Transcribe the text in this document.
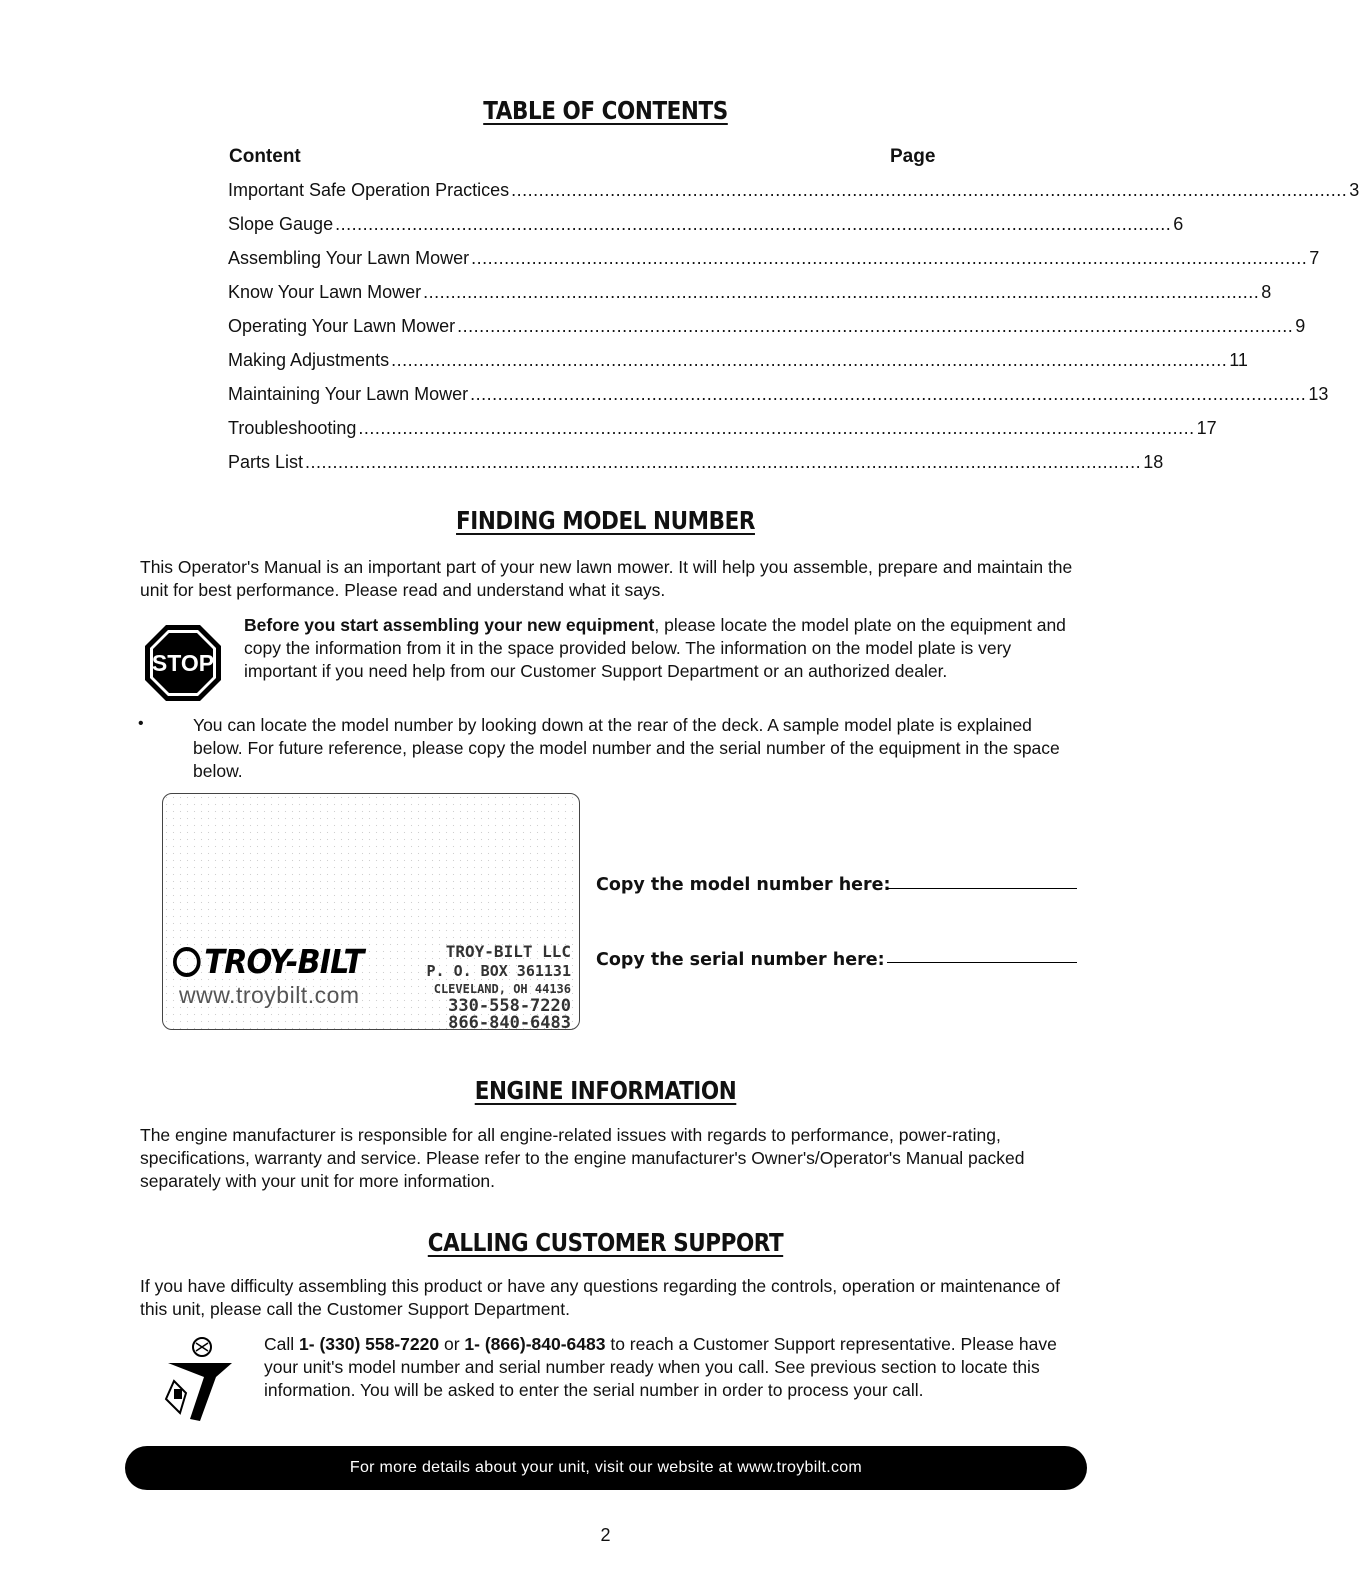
TABLE OF CONTENTS
Content	Page
Important Safe Operation Practices ........................................................................................................................................................ 3
Slope Gauge ........................................................................................................................................................ 6
Assembling Your Lawn Mower ........................................................................................................................................................ 7
Know Your Lawn Mower ........................................................................................................................................................ 8
Operating Your Lawn Mower ........................................................................................................................................................ 9
Making Adjustments ........................................................................................................................................................ 11
Maintaining Your Lawn Mower ........................................................................................................................................................ 13
Troubleshooting ........................................................................................................................................................ 17
Parts List ........................................................................................................................................................ 18
FINDING MODEL NUMBER
This Operator's Manual is an important part of your new lawn mower. It will help you assemble, prepare and maintain the unit for best performance. Please read and understand what it says.
STOP
Before you start assembling your new equipment, please locate the model plate on the equipment and copy the information from it in the space provided below. The information on the model plate is very important if you need help from our Customer Support Department or an authorized dealer.
•	You can locate the model number by looking down at the rear of the deck. A sample model plate is explained below. For future reference, please copy the model number and the serial number of the equipment in the space below.
TROY-BILT
www.troybilt.com
TROY-BILT LLC
P. O. BOX 361131
CLEVELAND, OH 44136
330-558-7220
866-840-6483
Copy the model number here:
Copy the serial number here:
ENGINE INFORMATION
The engine manufacturer is responsible for all engine-related issues with regards to performance, power-rating, specifications, warranty and service. Please refer to the engine manufacturer's Owner's/Operator's Manual packed separately with your unit for more information.
CALLING CUSTOMER SUPPORT
If you have difficulty assembling this product or have any questions regarding the controls, operation or maintenance of this unit, please call the Customer Support Department.
Call 1- (330) 558-7220 or 1- (866)-840-6483 to reach a Customer Support representative. Please have your unit's model number and serial number ready when you call. See previous section to locate this information. You will be asked to enter the serial number in order to process your call.
For more details about your unit, visit our website at www.troybilt.com
2
